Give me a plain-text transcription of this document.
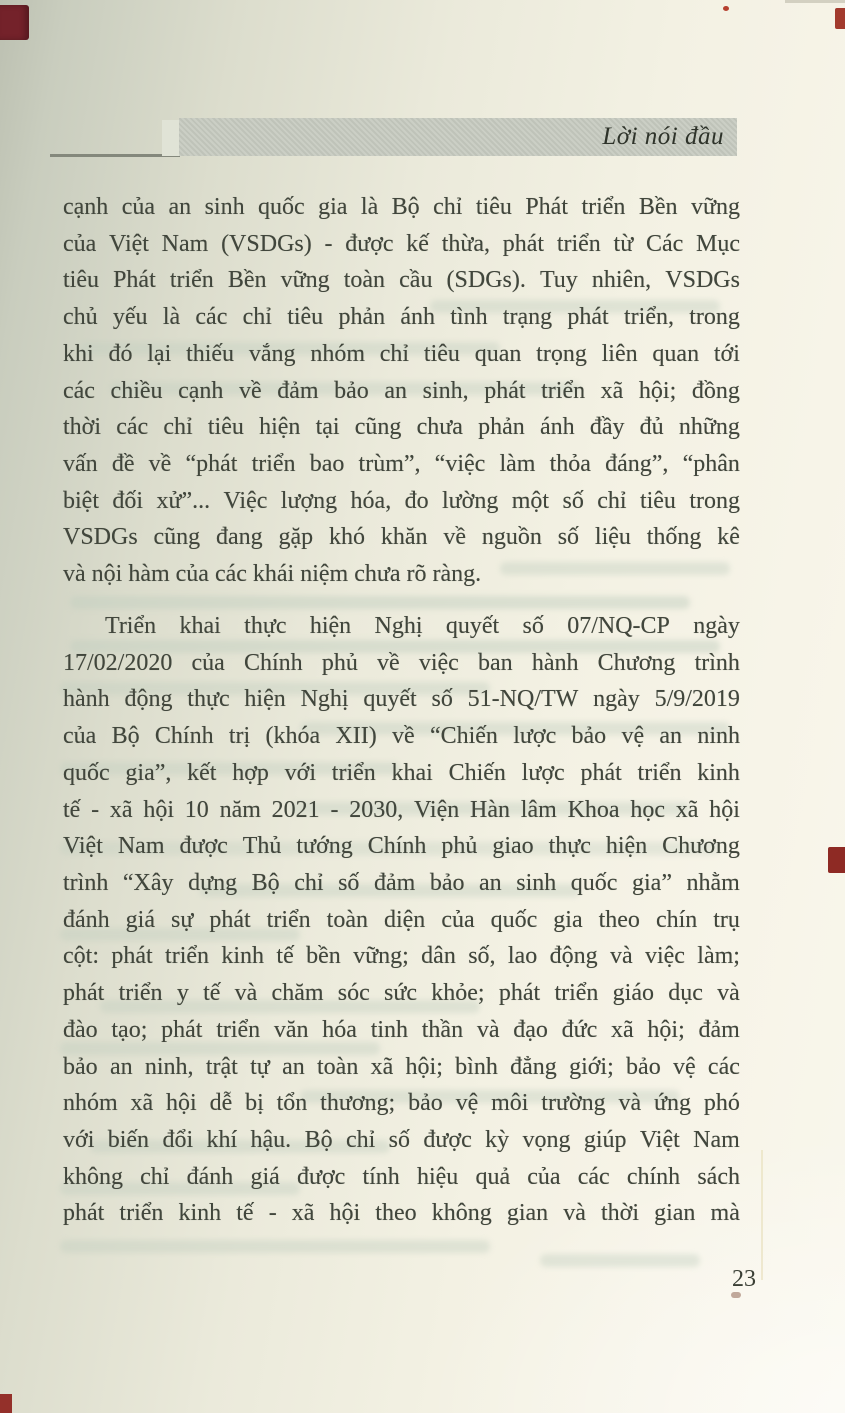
Lời nói đầu
cạnh của an sinh quốc gia là Bộ chỉ tiêu Phát triển Bền vững
của Việt Nam (VSDGs) - được kế thừa, phát triển từ Các Mục
tiêu Phát triển Bền vững toàn cầu (SDGs). Tuy nhiên, VSDGs
chủ yếu là các chỉ tiêu phản ánh tình trạng phát triển, trong
khi đó lại thiếu vắng nhóm chỉ tiêu quan trọng liên quan tới
các chiều cạnh về đảm bảo an sinh, phát triển xã hội; đồng
thời các chỉ tiêu hiện tại cũng chưa phản ánh đầy đủ những
vấn đề về “phát triển bao trùm”, “việc làm thỏa đáng”, “phân
biệt đối xử”... Việc lượng hóa, đo lường một số chỉ tiêu trong
VSDGs cũng đang gặp khó khăn về nguồn số liệu thống kê
và nội hàm của các khái niệm chưa rõ ràng.
Triển khai thực hiện Nghị quyết số 07/NQ-CP ngày
17/02/2020 của Chính phủ về việc ban hành Chương trình
hành động thực hiện Nghị quyết số 51-NQ/TW ngày 5/9/2019
của Bộ Chính trị (khóa XII) về “Chiến lược bảo vệ an ninh
quốc gia”, kết hợp với triển khai Chiến lược phát triển kinh
tế - xã hội 10 năm 2021 - 2030, Viện Hàn lâm Khoa học xã hội
Việt Nam được Thủ tướng Chính phủ giao thực hiện Chương
trình “Xây dựng Bộ chỉ số đảm bảo an sinh quốc gia” nhằm
đánh giá sự phát triển toàn diện của quốc gia theo chín trụ
cột: phát triển kinh tế bền vững; dân số, lao động và việc làm;
phát triển y tế và chăm sóc sức khỏe; phát triển giáo dục và
đào tạo; phát triển văn hóa tinh thần và đạo đức xã hội; đảm
bảo an ninh, trật tự an toàn xã hội; bình đẳng giới; bảo vệ các
nhóm xã hội dễ bị tổn thương; bảo vệ môi trường và ứng phó
với biến đổi khí hậu. Bộ chỉ số được kỳ vọng giúp Việt Nam
không chỉ đánh giá được tính hiệu quả của các chính sách
phát triển kinh tế - xã hội theo không gian và thời gian mà
23
